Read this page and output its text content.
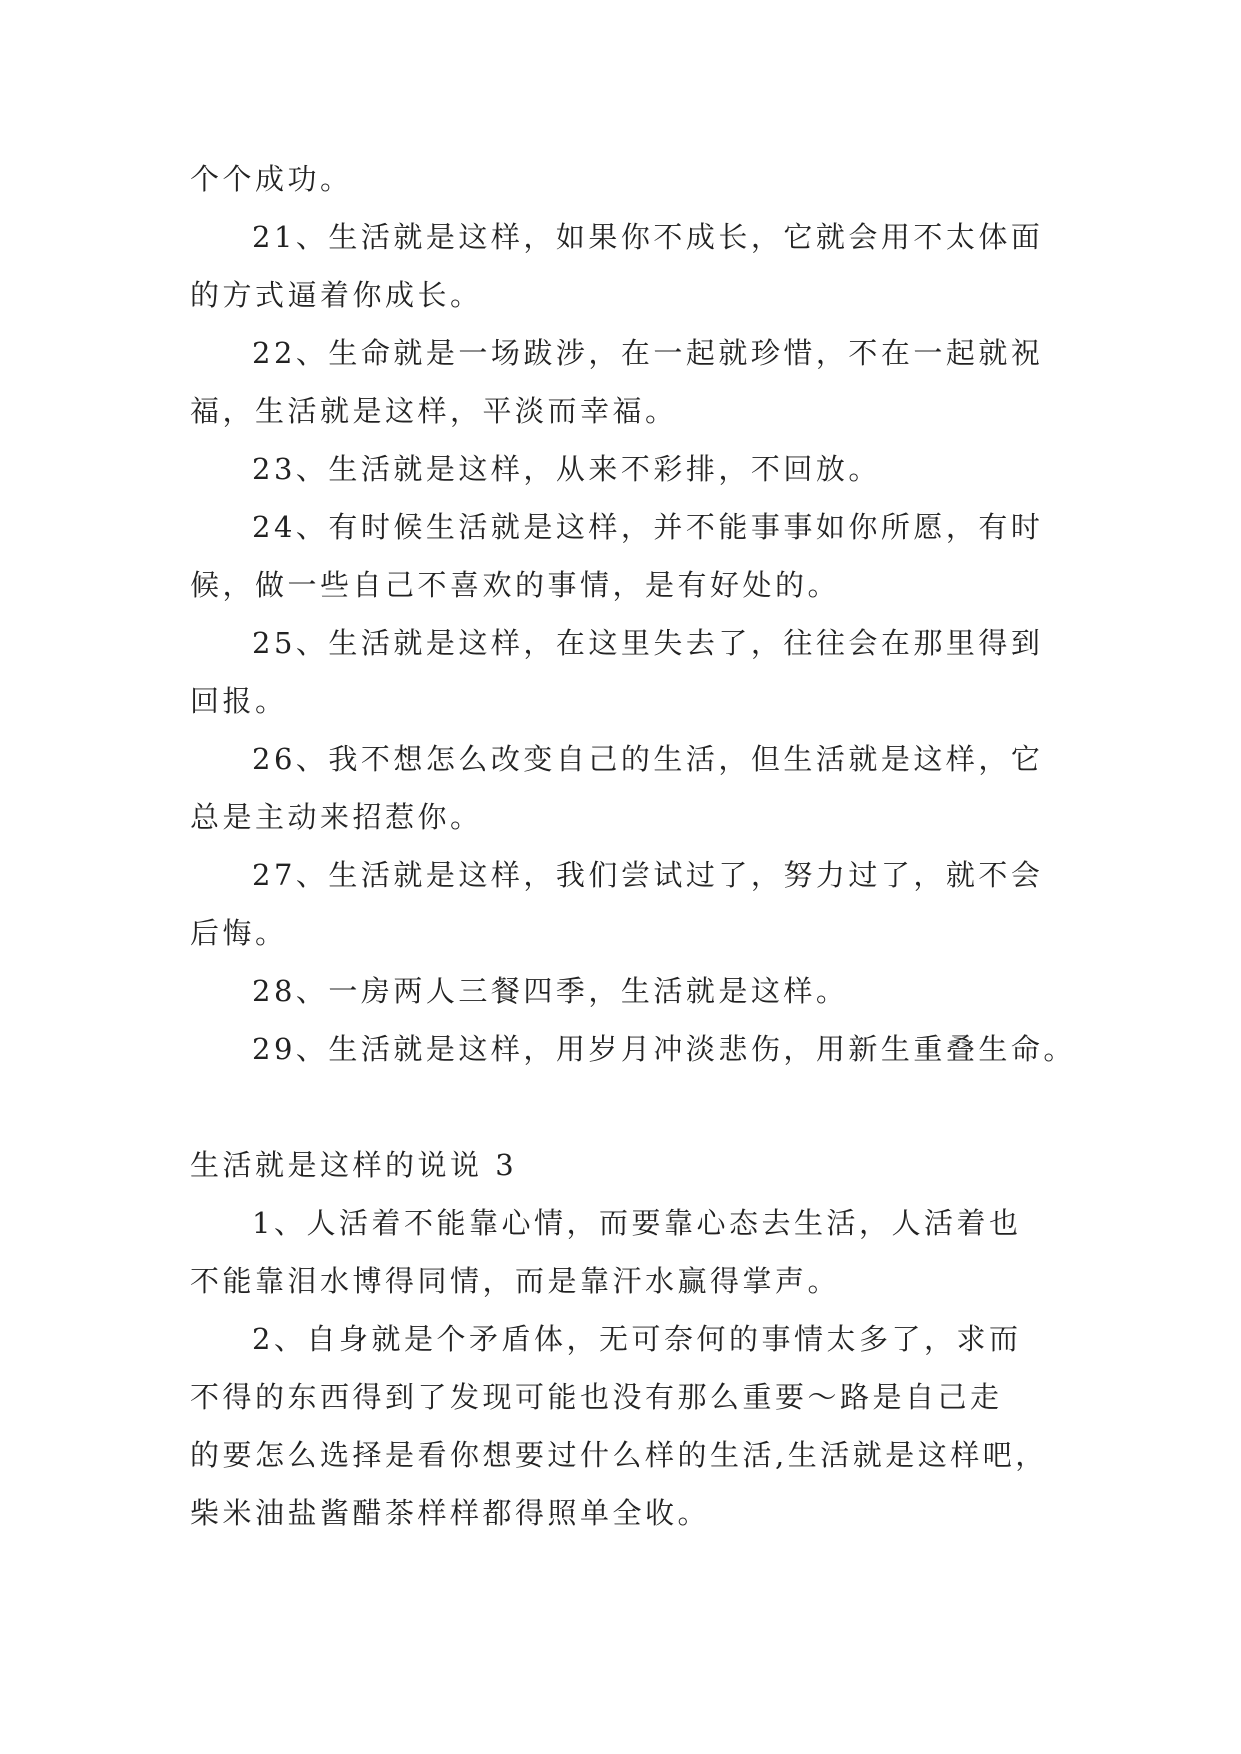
个个成功。
21、生活就是这样，如果你不成长，它就会用不太体面
的方式逼着你成长。
22、生命就是一场跋涉，在一起就珍惜，不在一起就祝
福，生活就是这样，平淡而幸福。
23、生活就是这样，从来不彩排，不回放。
24、有时候生活就是这样，并不能事事如你所愿，有时
候，做一些自己不喜欢的事情，是有好处的。
25、生活就是这样，在这里失去了，往往会在那里得到
回报。
26、我不想怎么改变自己的生活，但生活就是这样，它
总是主动来招惹你。
27、生活就是这样，我们尝试过了，努力过了，就不会
后悔。
28、一房两人三餐四季，生活就是这样。
29、生活就是这样，用岁月冲淡悲伤，用新生重叠生命。
生活就是这样的说说 3
1、人活着不能靠心情，而要靠心态去生活，人活着也
不能靠泪水博得同情，而是靠汗水赢得掌声。
2、自身就是个矛盾体，无可奈何的事情太多了，求而
不得的东西得到了发现可能也没有那么重要～路是自己走
的要怎么选择是看你想要过什么样的生活,生活就是这样吧，
柴米油盐酱醋茶样样都得照单全收。
